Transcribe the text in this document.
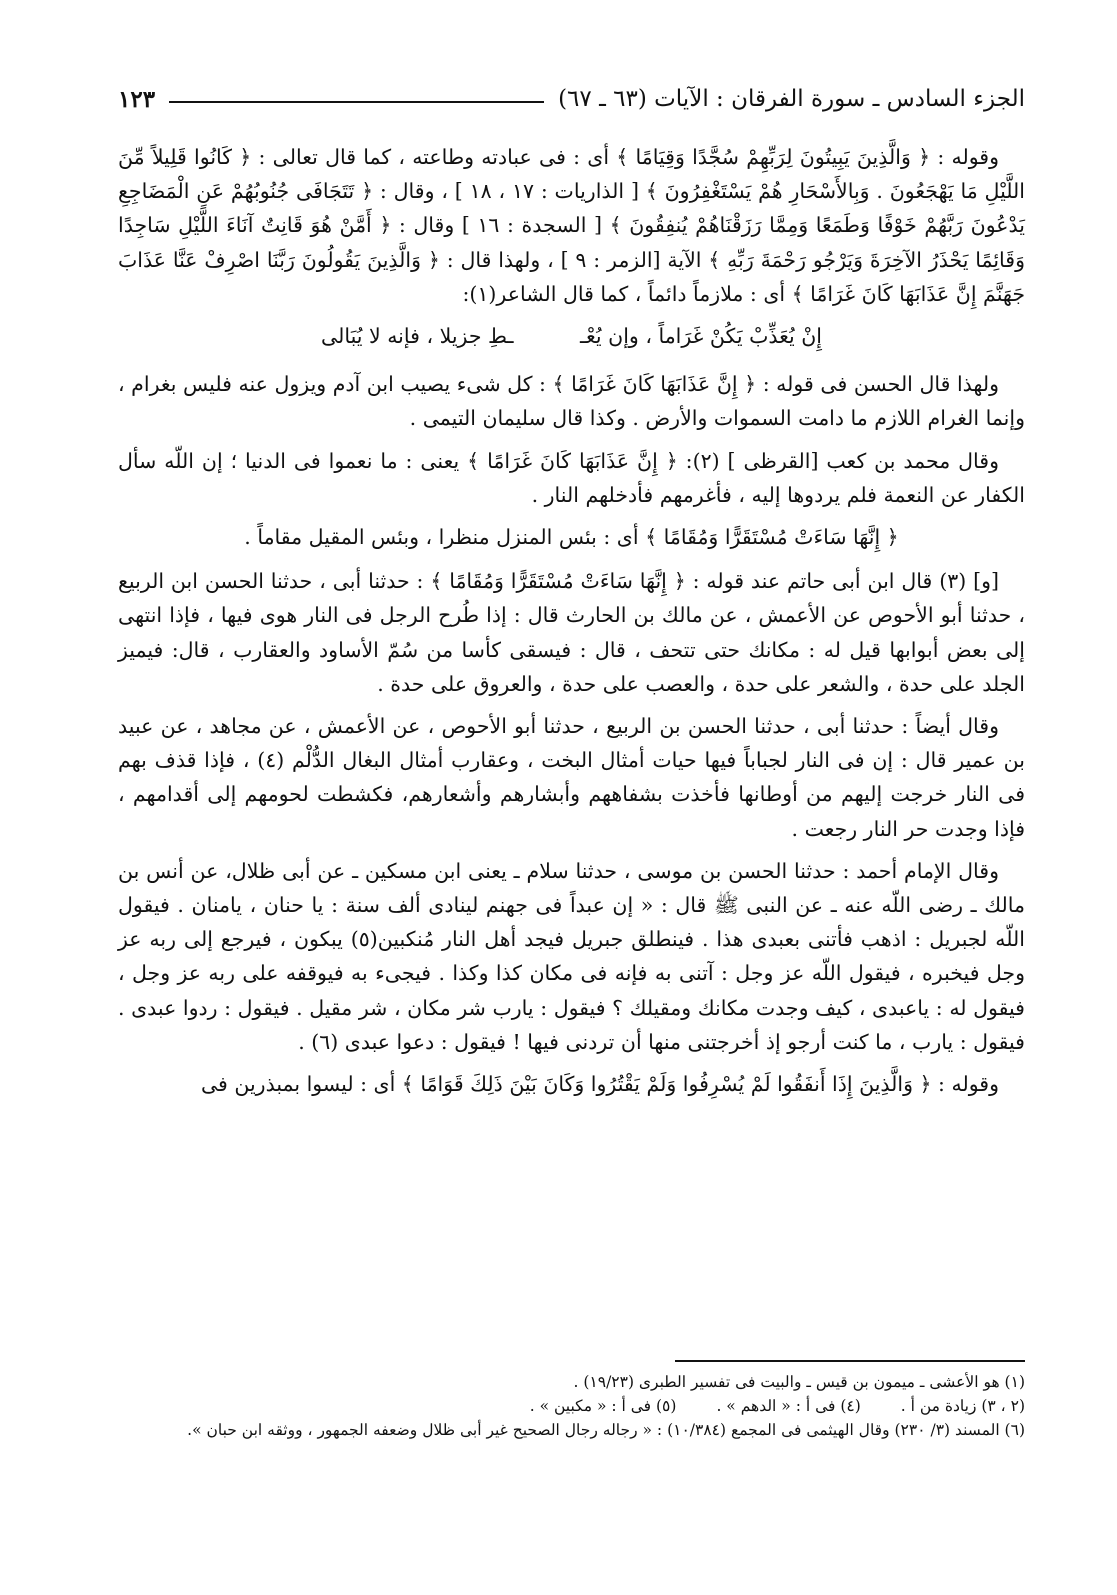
الجزء السادس ـ سورة الفرقان : الآيات (٦٣ ـ ٦٧)
١٢٣

وقوله : ﴿ وَالَّذِينَ يَبِيتُونَ لِرَبِّهِمْ سُجَّدًا وَقِيَامًا ﴾ أى : فى عبادته وطاعته ، كما قال تعالى : ﴿ كَانُوا قَلِيلاً مِّنَ اللَّيْلِ مَا يَهْجَعُونَ . وَبِالأَسْحَارِ هُمْ يَسْتَغْفِرُونَ ﴾ [ الذاريات : ١٧ ، ١٨ ] ، وقال : ﴿ تَتَجَافَى جُنُوبُهُمْ عَنِ الْمَضَاجِعِ يَدْعُونَ رَبَّهُمْ خَوْفًا وَطَمَعًا وَمِمَّا رَزَقْنَاهُمْ يُنفِقُونَ ﴾ [ السجدة : ١٦ ] وقال : ﴿ أَمَّنْ هُوَ قَانِتٌ آنَاءَ اللَّيْلِ سَاجِدًا وَقَائِمًا يَحْذَرُ الآخِرَةَ وَيَرْجُو رَحْمَةَ رَبِّهِ ﴾ الآية [الزمر : ٩ ] ، ولهذا قال : ﴿ وَالَّذِينَ يَقُولُونَ رَبَّنَا اصْرِفْ عَنَّا عَذَابَ جَهَنَّمَ إِنَّ عَذَابَهَا كَانَ غَرَامًا ﴾ أى : ملازماً دائماً ، كما قال الشاعر(١):

إِنْ يُعَذِّبْ يَكُنْ غَرَاماً ، وإن يُعْـ ـطِ جزيلا ، فإنه لا يُبَالى

ولهذا قال الحسن فى قوله : ﴿ إِنَّ عَذَابَهَا كَانَ غَرَامًا ﴾ : كل شىء يصيب ابن آدم ويزول عنه فليس بغرام ، وإنما الغرام اللازم ما دامت السموات والأرض . وكذا قال سليمان التيمى .

وقال محمد بن كعب [القرظى ] (٢): ﴿ إِنَّ عَذَابَهَا كَانَ غَرَامًا ﴾ يعنى : ما نعموا فى الدنيا ؛ إن اللّه سأل الكفار عن النعمة فلم يردوها إليه ، فأغرمهم فأدخلهم النار .

﴿ إِنَّهَا سَاءَتْ مُسْتَقَرًّا وَمُقَامًا ﴾ أى : بئس المنزل منظرا ، وبئس المقيل مقاماً .

[و] (٣) قال ابن أبى حاتم عند قوله : ﴿ إِنَّهَا سَاءَتْ مُسْتَقَرًّا وَمُقَامًا ﴾ : حدثنا أبى ، حدثنا الحسن ابن الربيع ، حدثنا أبو الأحوص عن الأعمش ، عن مالك بن الحارث قال : إذا طُرح الرجل فى النار هوى فيها ، فإذا انتهى إلى بعض أبوابها قيل له : مكانك حتى تتحف ، قال : فيسقى كأسا من سُمّ الأساود والعقارب ، قال: فيميز الجلد على حدة ، والشعر على حدة ، والعصب على حدة ، والعروق على حدة .

وقال أيضاً : حدثنا أبى ، حدثنا الحسن بن الربيع ، حدثنا أبو الأحوص ، عن الأعمش ، عن مجاهد ، عن عبيد بن عمير قال : إن فى النار لجباباً فيها حيات أمثال البخت ، وعقارب أمثال البغال الدُّلْم (٤) ، فإذا قذف بهم فى النار خرجت إليهم من أوطانها فأخذت بشفاههم وأبشارهم وأشعارهم، فكشطت لحومهم إلى أقدامهم ، فإذا وجدت حر النار رجعت .

وقال الإمام أحمد : حدثنا الحسن بن موسى ، حدثنا سلام ـ يعنى ابن مسكين ـ عن أبى ظلال، عن أنس بن مالك ـ رضى اللّه عنه ـ عن النبى ﷺ قال : « إن عبداً فى جهنم لينادى ألف سنة : يا حنان ، يامنان . فيقول اللّه لجبريل : اذهب فأتنى بعبدى هذا . فينطلق جبريل فيجد أهل النار مُنكبين(٥) يبكون ، فيرجع إلى ربه عز وجل فيخبره ، فيقول اللّه عز وجل : آتنى به فإنه فى مكان كذا وكذا . فيجىء به فيوقفه على ربه عز وجل ، فيقول له : ياعبدى ، كيف وجدت مكانك ومقيلك ؟ فيقول : يارب شر مكان ، شر مقيل . فيقول : ردوا عبدى . فيقول : يارب ، ما كنت أرجو إذ أخرجتنى منها أن تردنى فيها ! فيقول : دعوا عبدى (٦) .

وقوله : ﴿ وَالَّذِينَ إِذَا أَنفَقُوا لَمْ يُسْرِفُوا وَلَمْ يَقْتُرُوا وَكَانَ بَيْنَ ذَلِكَ قَوَامًا ﴾ أى : ليسوا بمبذرين فى

(١) هو الأعشى ـ ميمون بن قيس ـ والبيت فى تفسير الطبرى (١٩/٢٣) .

(٢ ، ٣) زيادة من أ .
(٤) فى أ : « الدهم » .
(٥) فى أ : « مكبين » .

(٦) المسند (٣/ ٢٣٠) وقال الهيثمى فى المجمع (١٠/٣٨٤) : « رجاله رجال الصحيح غير أبى ظلال وضعفه الجمهور ، ووثقه ابن حبان ».
